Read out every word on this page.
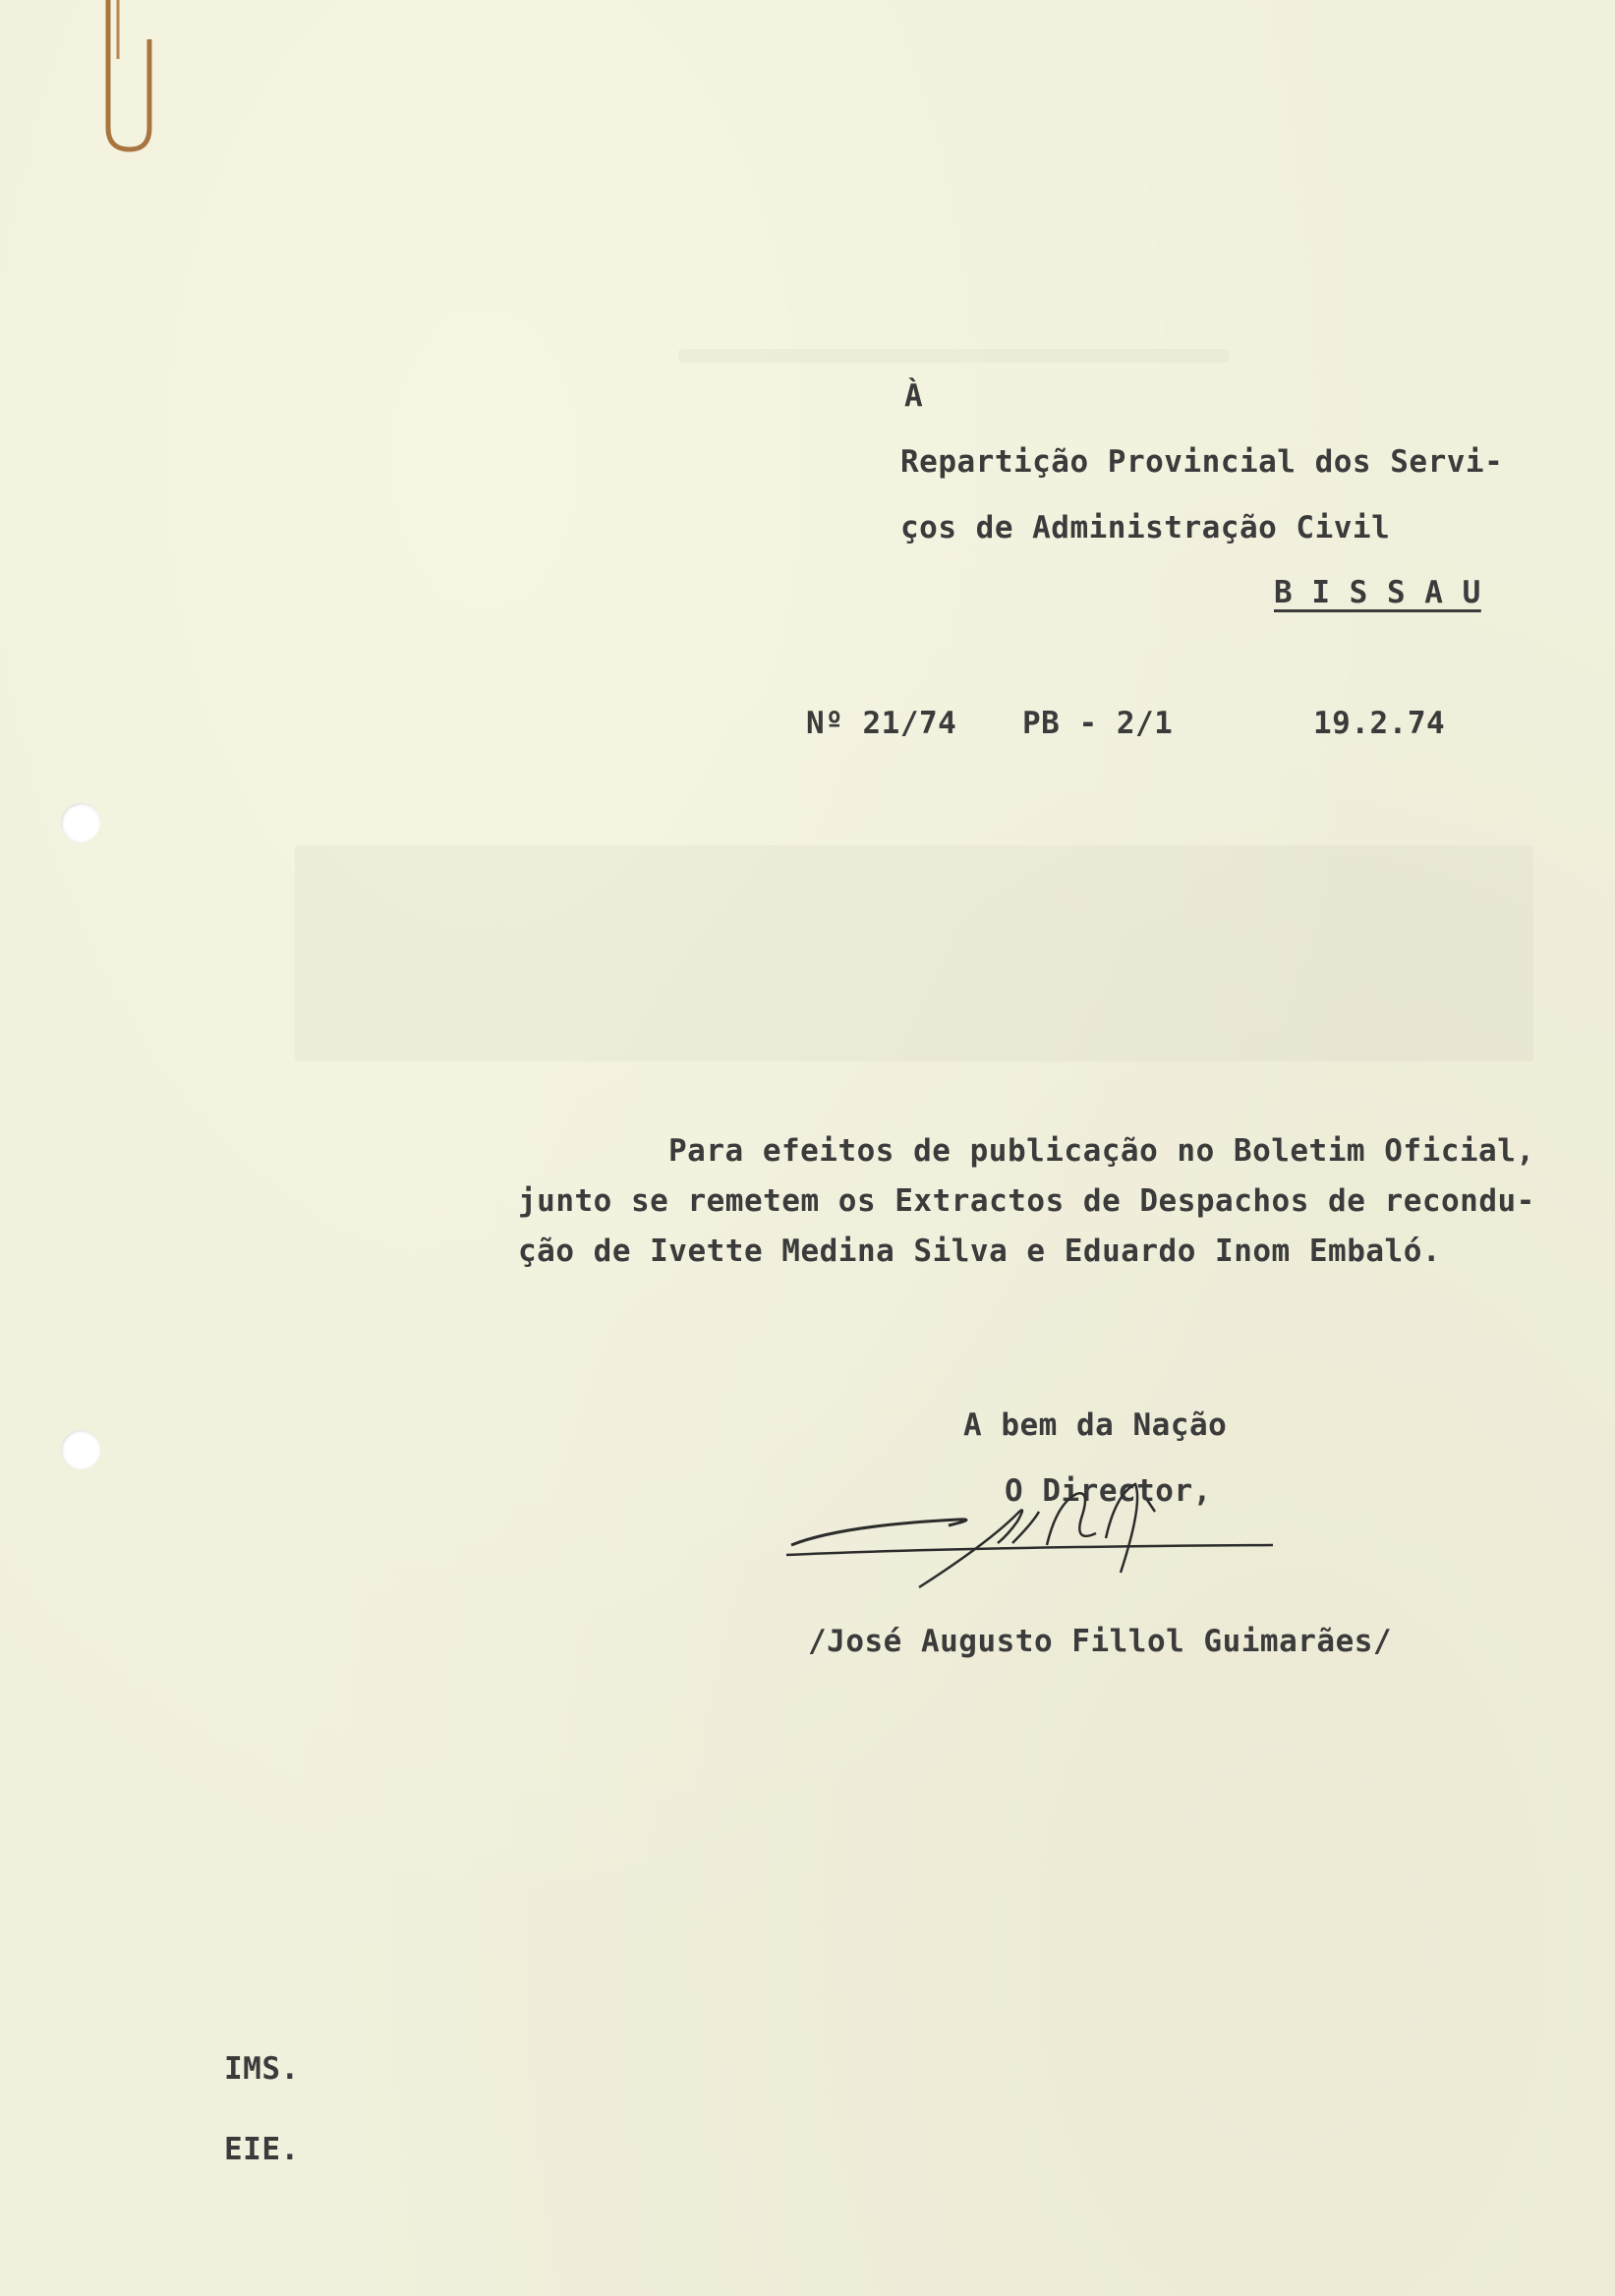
À
Repartição Provincial dos Servi-
ços de Administração Civil
B I S S A U
Nº 21/74 PB - 2/1	19.2.74
Para efeitos de publicação no Boletim Oficial,
junto se remetem os Extractos de Despachos de recondu-
ção de Ivette Medina Silva e Eduardo Inom Embaló.
A bem da Nação
O Director,
/José Augusto Fillol Guimarães/
IMS.
EIE.
